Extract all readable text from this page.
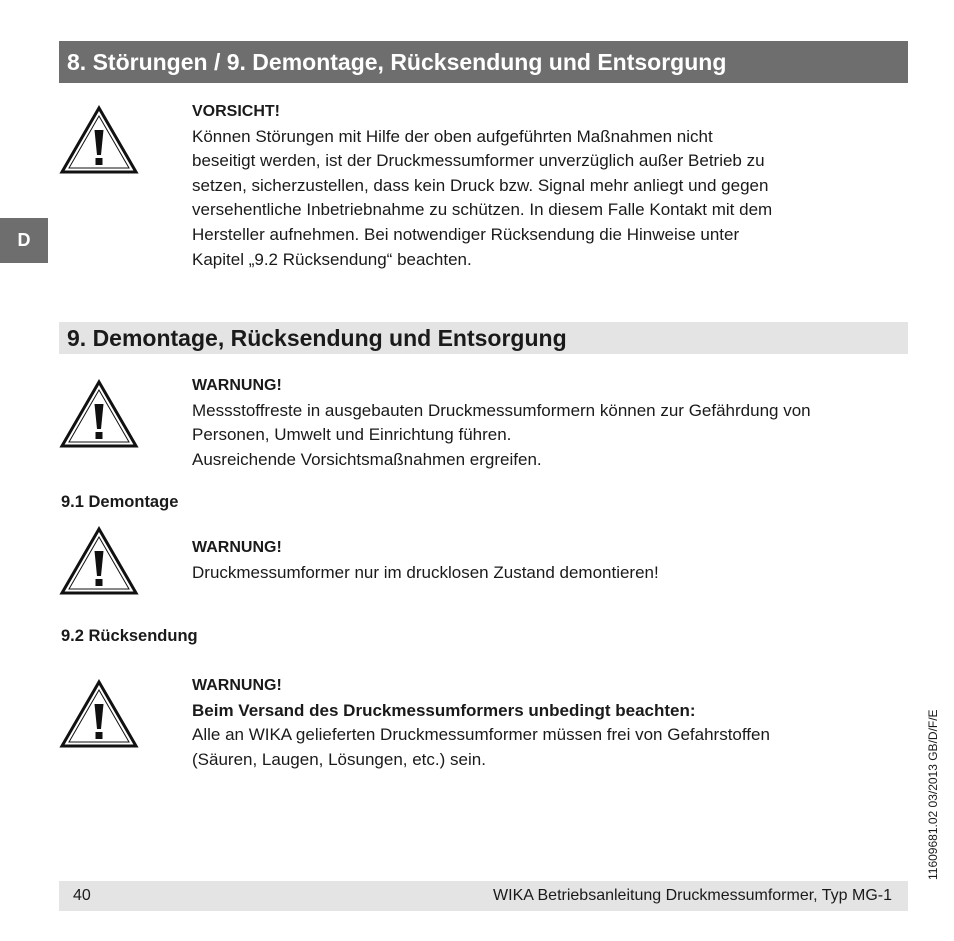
8. Störungen / 9. Demontage, Rücksendung und Entsorgung
D
VORSICHT!
Können Störungen mit Hilfe der oben aufgeführten Maßnahmen nicht
beseitigt werden, ist der Druckmessumformer unverzüglich außer Betrieb zu
setzen, sicherzustellen, dass kein Druck bzw. Signal mehr anliegt und gegen
versehentliche Inbetriebnahme zu schützen. In diesem Falle Kontakt mit dem
Hersteller aufnehmen. Bei notwendiger Rücksendung die Hinweise unter
Kapitel „9.2 Rücksendung“ beachten.
9. Demontage, Rücksendung und Entsorgung
WARNUNG!
Messstoffreste in ausgebauten Druckmessumformern können zur Gefährdung von
Personen, Umwelt und Einrichtung führen.
Ausreichende Vorsichtsmaßnahmen ergreifen.
9.1 Demontage
WARNUNG!
Druckmessumformer nur im drucklosen Zustand demontieren!
9.2 Rücksendung
WARNUNG!
Beim Versand des Druckmessumformers unbedingt beachten:
Alle an WIKA gelieferten Druckmessumformer müssen frei von Gefahrstoffen
(Säuren, Laugen, Lösungen, etc.) sein.
40	WIKA Betriebsanleitung Druckmessumformer, Typ MG-1
11609681.02 03/2013 GB/D/F/E
